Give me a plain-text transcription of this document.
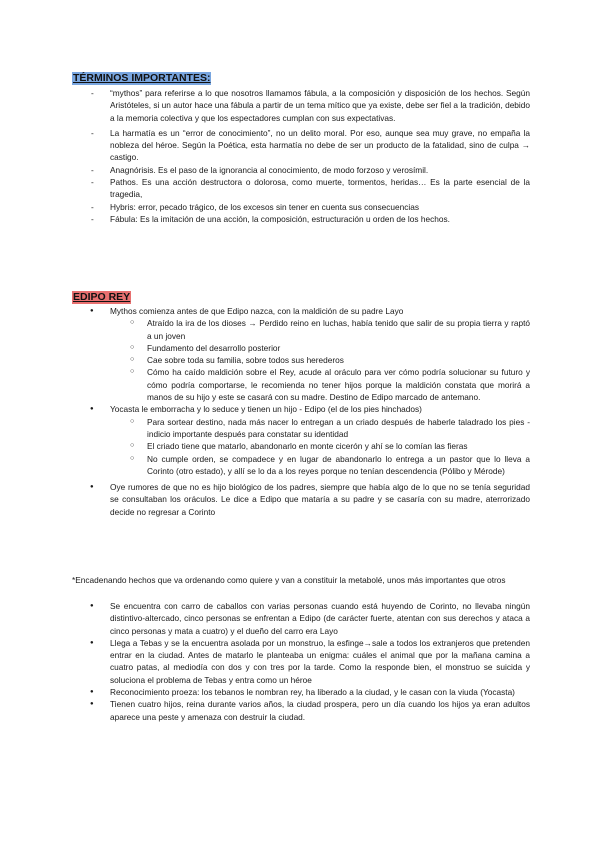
TÉRMINOS IMPORTANTES:
- “mythos” para referirse a lo que nosotros llamamos fábula, a la composición y disposición de los hechos. Según Aristóteles, si un autor hace una fábula a partir de un tema mítico que ya existe, debe ser fiel a la tradición, debido a la memoria colectiva y que los espectadores cumplan con sus expectativas.
- La harmatía es un “error de conocimiento”, no un delito moral. Por eso, aunque sea muy grave, no empaña la nobleza del héroe. Según la Poética, esta harmatía no debe de ser un producto de la fatalidad, sino de culpa → castigo.
- Anagnórisis. Es el paso de la ignorancia al conocimiento, de modo forzoso y verosímil.
- Pathos. Es una acción destructora o dolorosa, como muerte, tormentos, heridas… Es la parte esencial de la tragedia,
- Hybris: error, pecado trágico, de los excesos sin tener en cuenta sus consecuencias
- Fábula: Es la imitación de una acción, la composición, estructuración u orden de los hechos.
EDIPO REY
● Mythos comienza antes de que Edipo nazca, con la maldición de su padre Layo
○ Atraído la ira de los dioses → Perdido reino en luchas, había tenido que salir de su propia tierra y raptó a un joven
○ Fundamento del desarrollo posterior
○ Cae sobre toda su familia, sobre todos sus herederos
○ Cómo ha caído maldición sobre el Rey, acude al oráculo para ver cómo podría solucionar su futuro y cómo podría comportarse, le recomienda no tener hijos porque la maldición constata que morirá a manos de su hijo y este se casará con su madre. Destino de Edipo marcado de antemano.
● Yocasta le emborracha y lo seduce y tienen un hijo - Edipo (el de los pies hinchados)
○ Para sortear destino, nada más nacer lo entregan a un criado después de haberle taladrado los pies - indicio importante después para constatar su identidad
○ El criado tiene que matarlo, abandonarlo en monte cicerón y ahí se lo comían las fieras
○ No cumple orden, se compadece y en lugar de abandonarlo lo entrega a un pastor que lo lleva a Corinto (otro estado), y allí se lo da a los reyes porque no tenían descendencia (Pólibo y Mérode)
● Oye rumores de que no es hijo biológico de los padres, siempre que había algo de lo que no se tenía seguridad se consultaban los oráculos. Le dice a Edipo que mataría a su padre y se casaría con su madre, aterrorizado decide no regresar a Corinto
*Encadenando hechos que va ordenando como quiere y van a constituir la metabolé, unos más importantes que otros
● Se encuentra con carro de caballos con varias personas cuando está huyendo de Corinto, no llevaba ningún distintivo-altercado, cinco personas se enfrentan a Edipo (de carácter fuerte, atentan con sus derechos y ataca a cinco personas y mata a cuatro) y el dueño del carro era Layo
● Llega a Tebas y se la encuentra asolada por un monstruo, la esfinge→sale a todos los extranjeros que pretenden entrar en la ciudad. Antes de matarlo le planteaba un enigma: cuáles el animal que por la mañana camina a cuatro patas, al mediodía con dos y con tres por la tarde. Como la responde bien, el monstruo se suicida y soluciona el problema de Tebas y entra como un héroe
● Reconocimiento proeza: los tebanos le nombran rey, ha liberado a la ciudad, y le casan con la viuda (Yocasta)
● Tienen cuatro hijos, reina durante varios años, la ciudad prospera, pero un día cuando los hijos ya eran adultos aparece una peste y amenaza con destruir la ciudad.
